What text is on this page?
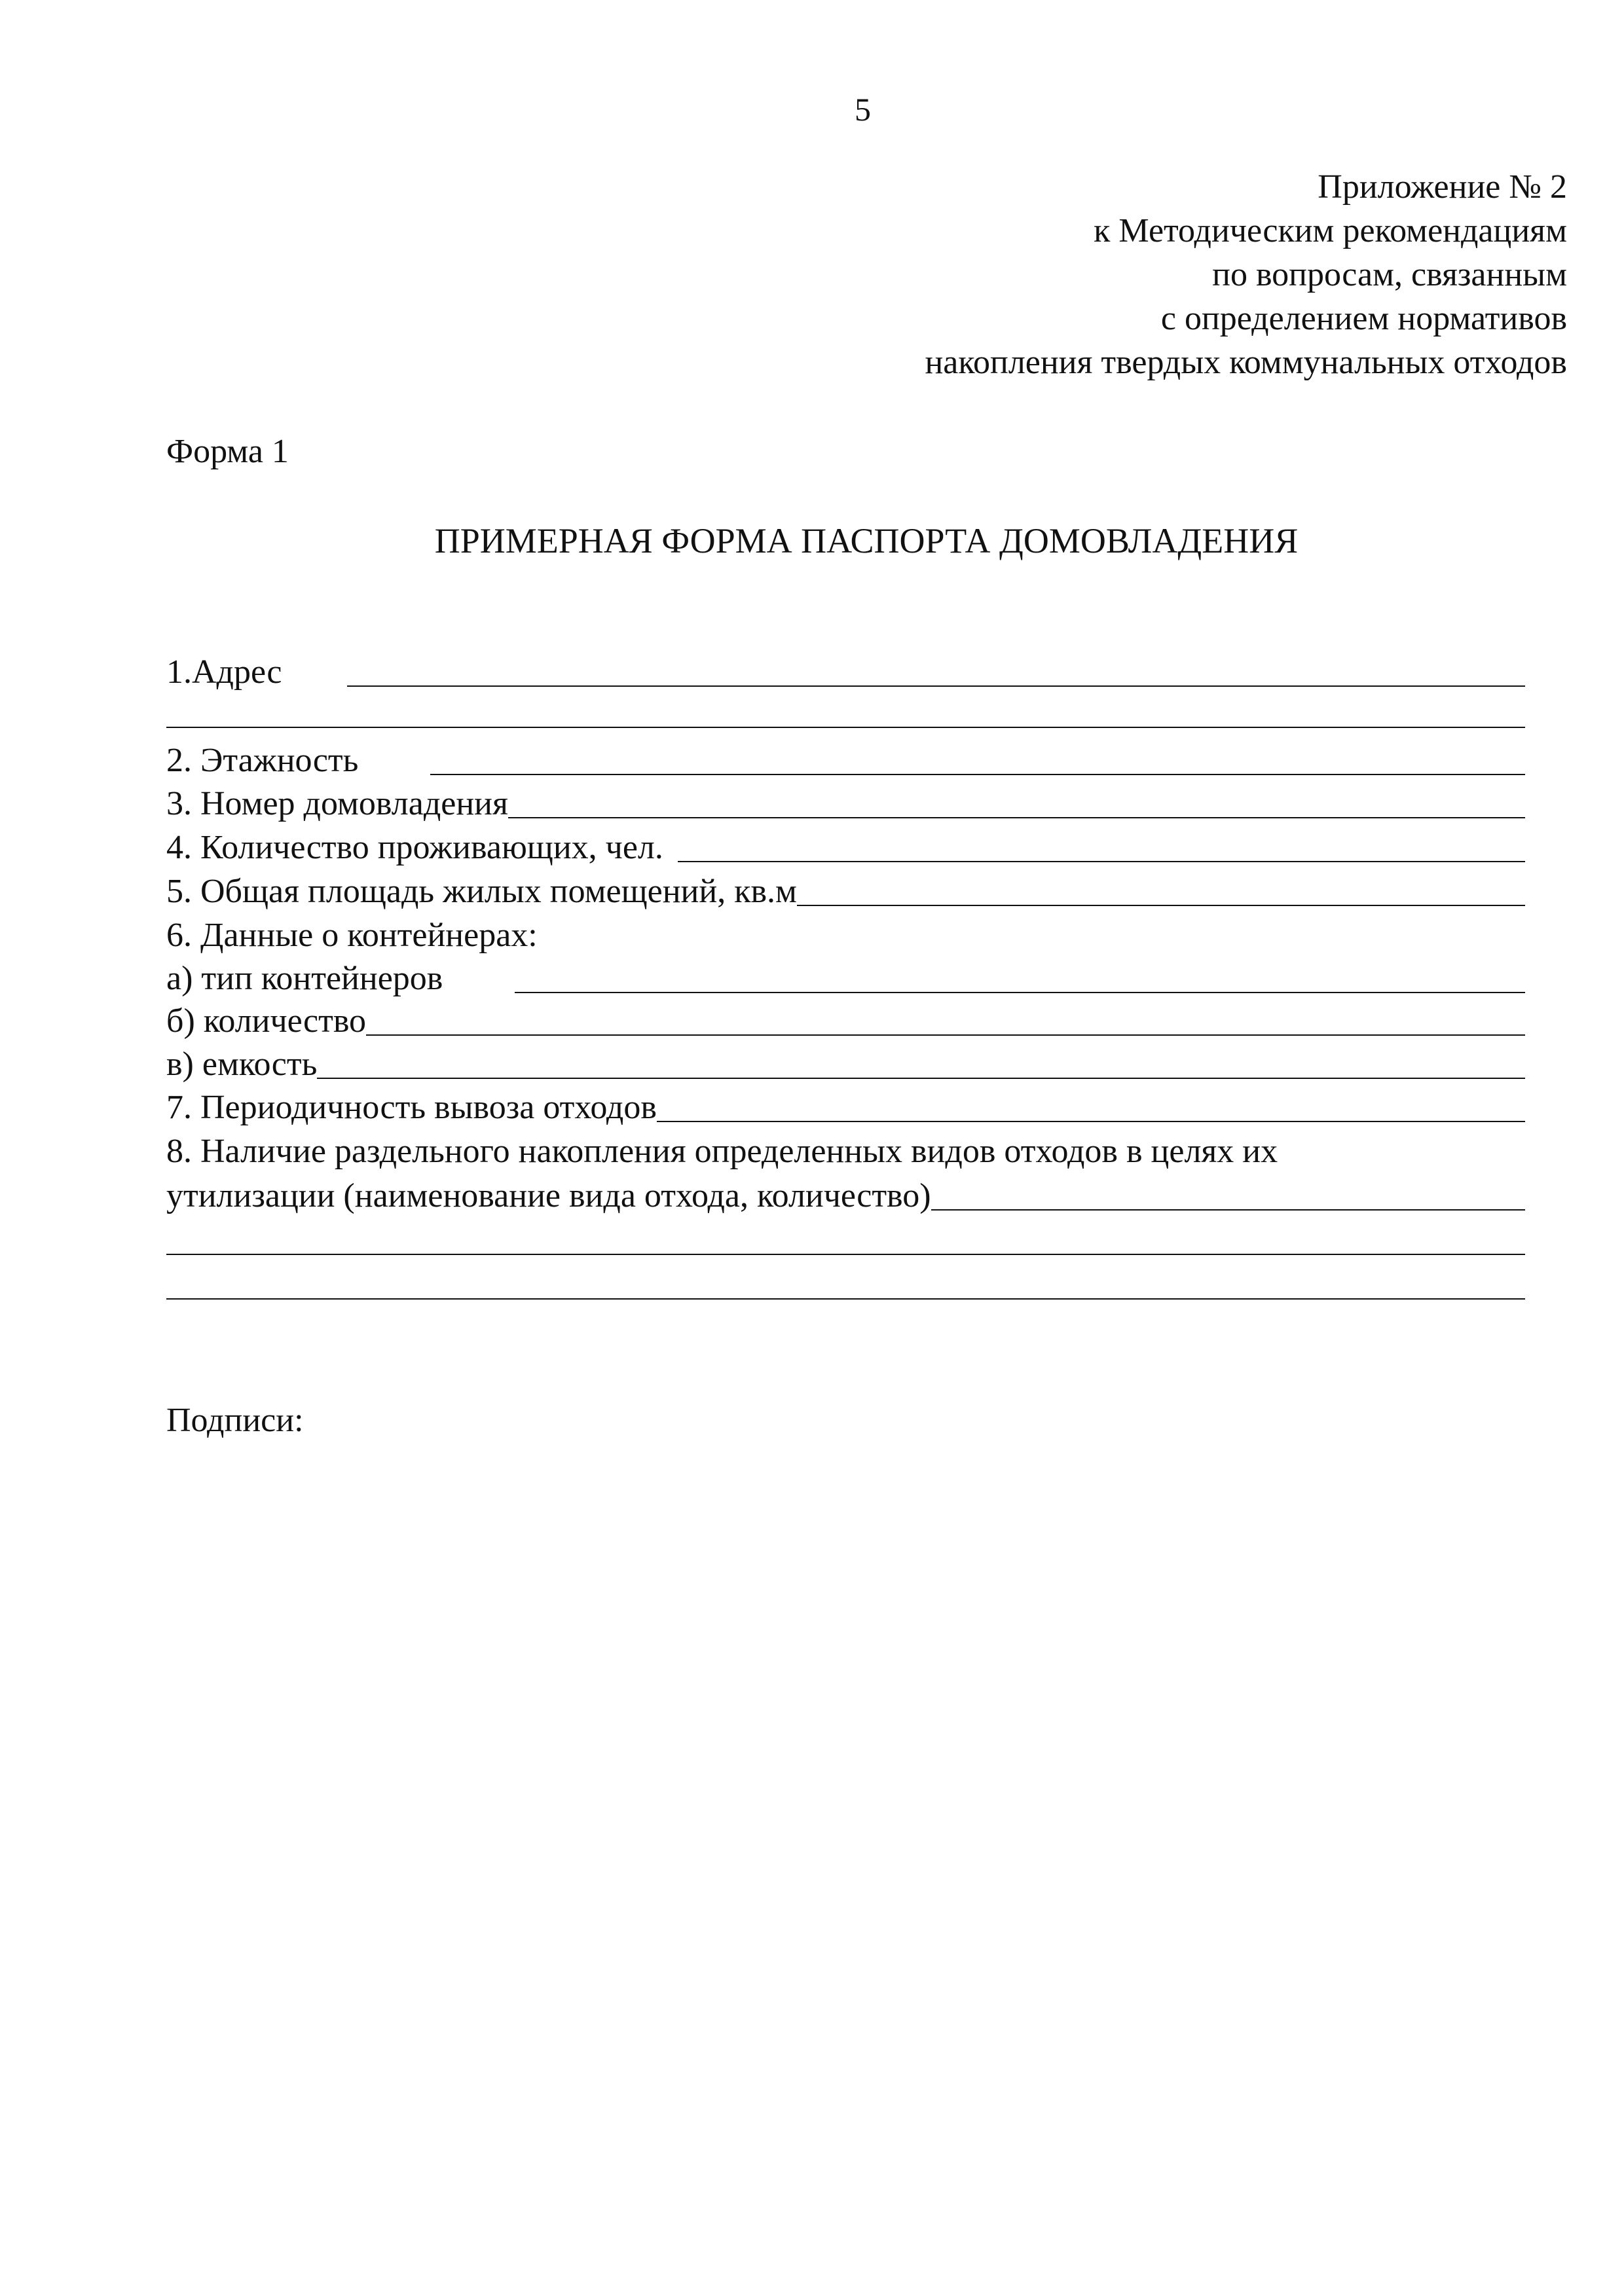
5
Приложение № 2
к Методическим рекомендациям
по вопросам, связанным
с определением нормативов
накопления твердых коммунальных отходов
Форма 1
ПРИМЕРНАЯ ФОРМА ПАСПОРТА ДОМОВЛАДЕНИЯ
1.Адрес
2. Этажность
3. Номер домовладения
4. Количество проживающих, чел.
5. Общая площадь жилых помещений, кв.м
6. Данные о контейнерах:
а) тип контейнеров
б) количество
в) емкость
7. Периодичность вывоза отходов
8. Наличие раздельного накопления определенных видов отходов в целях их
утилизации (наименование вида отхода, количество)
Подписи:
